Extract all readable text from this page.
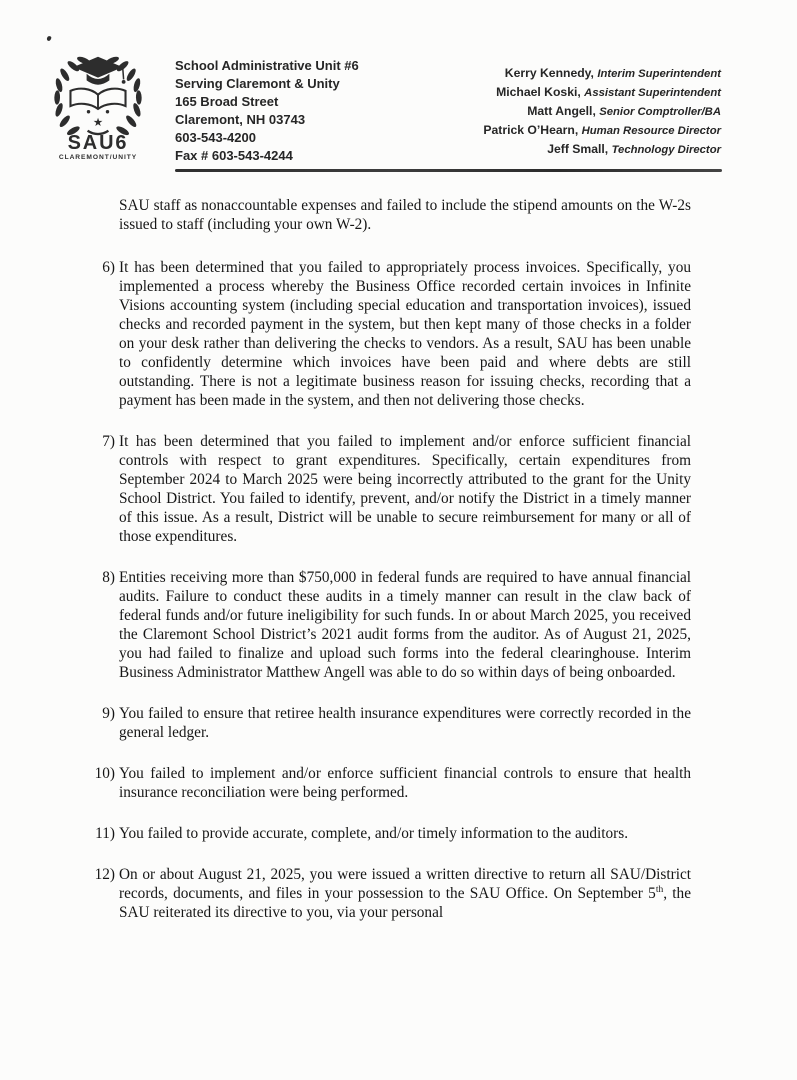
★
SAU6
CLAREMONT/UNITY
School Administrative Unit #6
Serving Claremont & Unity
165 Broad Street
Claremont, NH 03743
603-543-4200
Fax # 603-543-4244
Kerry Kennedy, Interim Superintendent
Michael Koski, Assistant Superintendent
Matt Angell, Senior Comptroller/BA
Patrick O’Hearn, Human Resource Director
Jeff Small, Technology Director

SAU staff as nonaccountable expenses and failed to include the stipend amounts on the W-2s issued to staff (including your own W-2).

6) It has been determined that you failed to appropriately process invoices. Specifically, you implemented a process whereby the Business Office recorded certain invoices in Infinite Visions accounting system (including special education and transportation invoices), issued checks and recorded payment in the system, but then kept many of those checks in a folder on your desk rather than delivering the checks to vendors. As a result, SAU has been unable to confidently determine which invoices have been paid and where debts are still outstanding. There is not a legitimate business reason for issuing checks, recording that a payment has been made in the system, and then not delivering those checks.

7) It has been determined that you failed to implement and/or enforce sufficient financial controls with respect to grant expenditures. Specifically, certain expenditures from September 2024 to March 2025 were being incorrectly attributed to the grant for the Unity School District. You failed to identify, prevent, and/or notify the District in a timely manner of this issue. As a result, District will be unable to secure reimbursement for many or all of those expenditures.

8) Entities receiving more than $750,000 in federal funds are required to have annual financial audits. Failure to conduct these audits in a timely manner can result in the claw back of federal funds and/or future ineligibility for such funds. In or about March 2025, you received the Claremont School District’s 2021 audit forms from the auditor. As of August 21, 2025, you had failed to finalize and upload such forms into the federal clearinghouse. Interim Business Administrator Matthew Angell was able to do so within days of being onboarded.

9) You failed to ensure that retiree health insurance expenditures were correctly recorded in the general ledger.

10) You failed to implement and/or enforce sufficient financial controls to ensure that health insurance reconciliation were being performed.

11) You failed to provide accurate, complete, and/or timely information to the auditors.

12) On or about August 21, 2025, you were issued a written directive to return all SAU/District records, documents, and files in your possession to the SAU Office. On September 5th, the SAU reiterated its directive to you, via your personal
